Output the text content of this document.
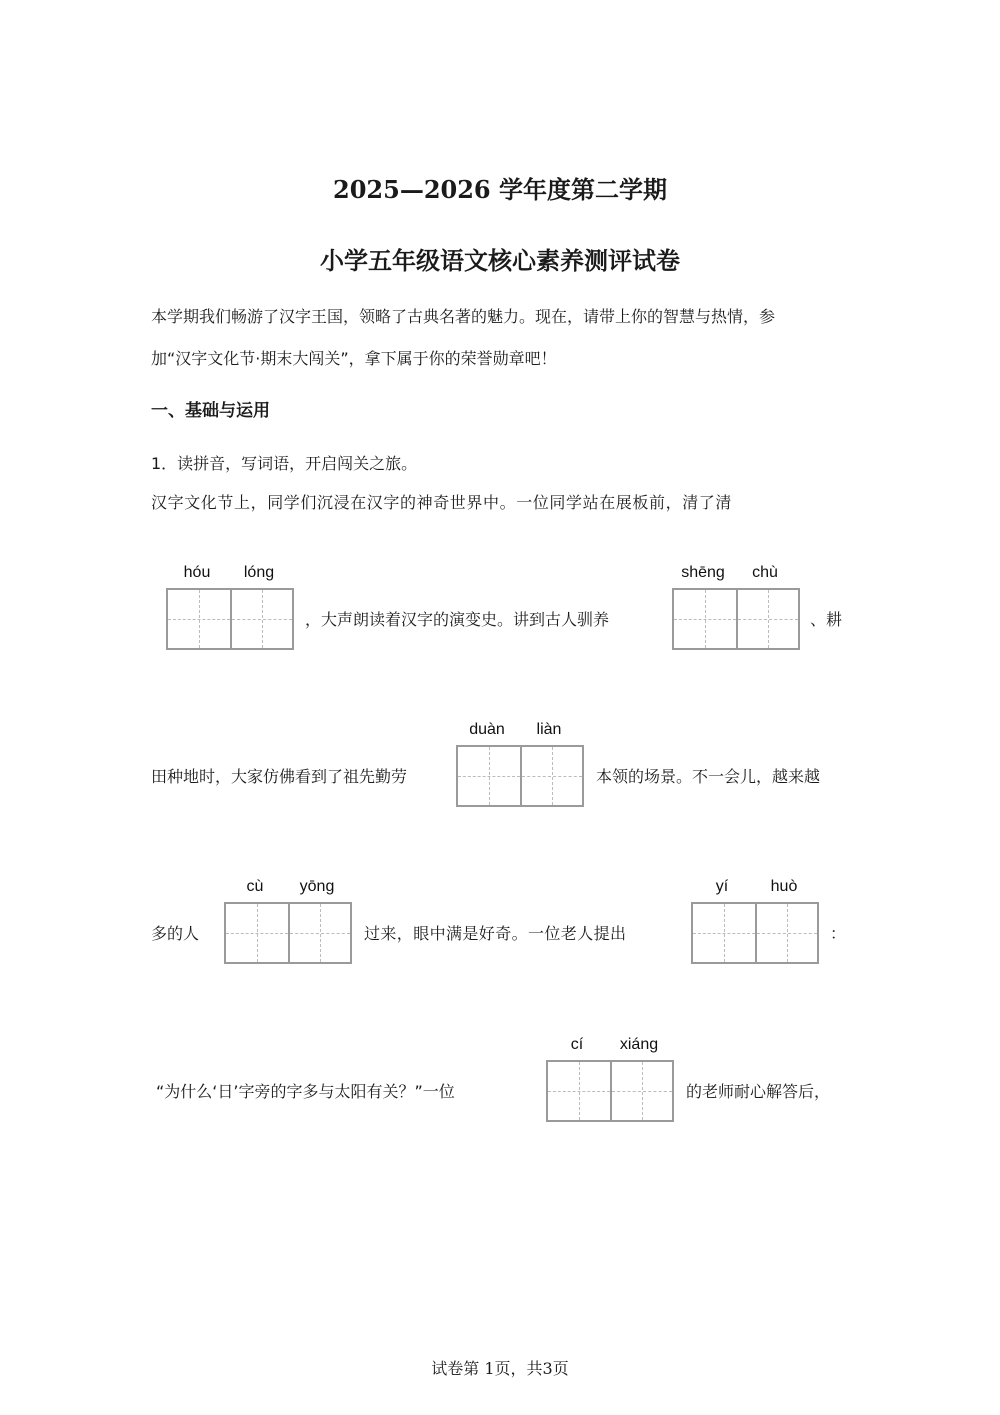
2025—2026 学年度第二学期
小学五年级语文核心素养测评试卷
本学期我们畅游了汉字王国，领略了古典名著的魅力。现在，请带上你的智慧与热情，参
加“汉字文化节·期末大闯关”，拿下属于你的荣誉勋章吧！
一、基础与运用
1．读拼音，写词语，开启闯关之旅。
汉字文化节上，同学们沉浸在汉字的神奇世界中。一位同学站在展板前，清了清
hóu	lóng
，大声朗读着汉字的演变史。讲到古人驯养
shēng	chù
、耕
田种地时，大家仿佛看到了祖先勤劳
duàn	liàn
本领的场景。不一会儿，越来越
多的人
cù	yōng
过来，眼中满是好奇。一位老人提出
yí	huò
：
“为什么‘日’字旁的字多与太阳有关？”一位
cí	xiáng
的老师耐心解答后，
试卷第 1页，共3页
